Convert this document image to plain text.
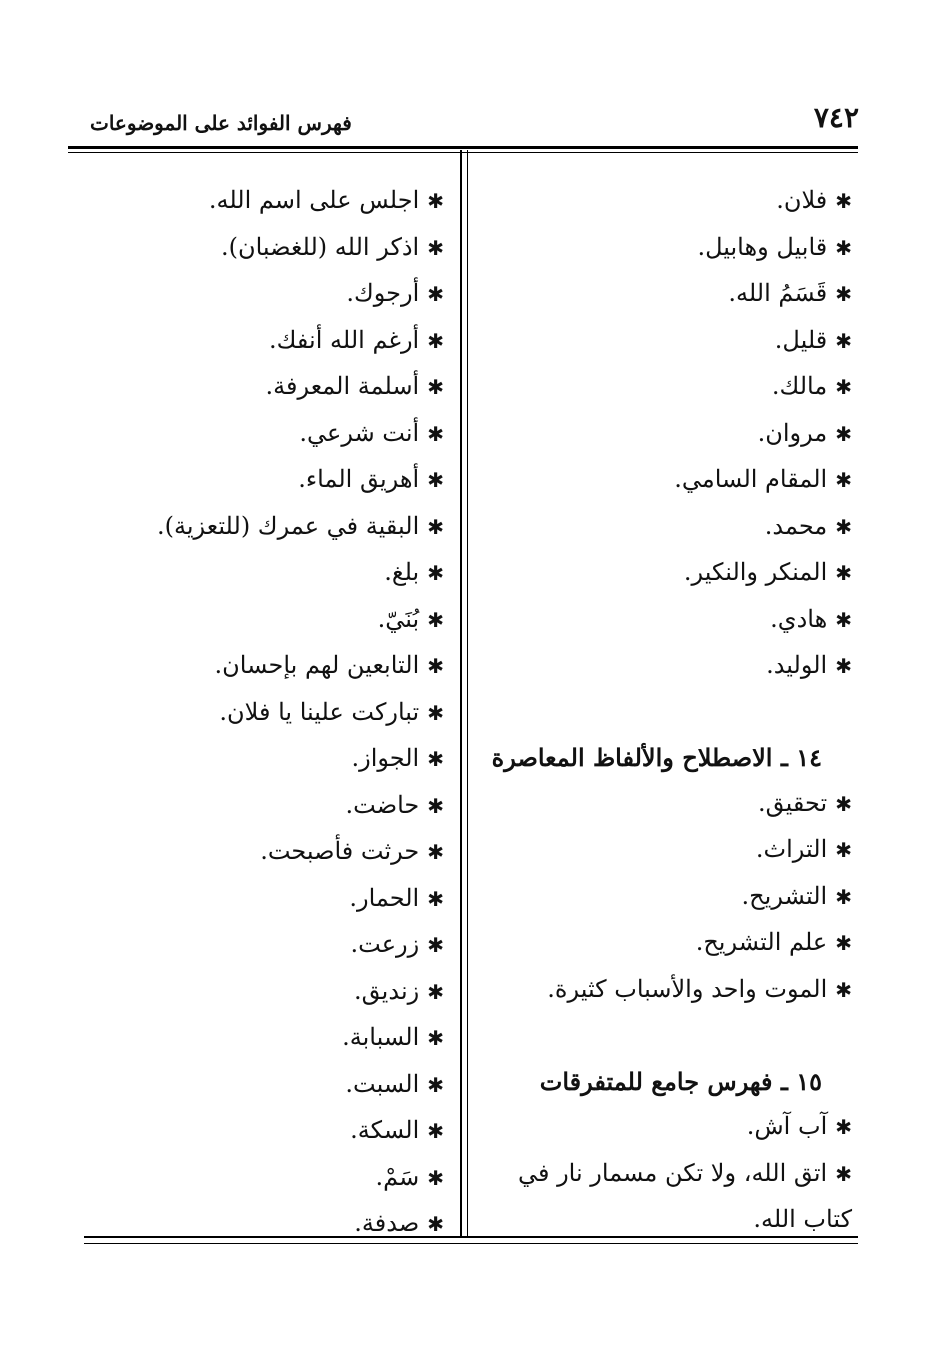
٧٤٢
فهرس الفوائد على الموضوعات
✱فلان.
✱قابيل وهابيل.
✱قَسَمُ الله.
✱قليل.
✱مالك.
✱مروان.
✱المقام السامي.
✱محمد.
✱المنكر والنكير.
✱هادي.
✱الوليد.
١٤ ـ الاصطلاح والألفاظ المعاصرة
✱تحقيق.
✱التراث.
✱التشريح.
✱علم التشريح.
✱الموت واحد والأسباب كثيرة.
١٥ ـ فهرس جامع للمتفرقات
✱آب آش.
✱اتق الله، ولا تكن مسمار نار في كتاب الله.
✱اجلس على اسم الله.
✱اذكر الله (للغضبان).
✱أرجوك.
✱أرغم الله أنفك.
✱أسلمة المعرفة.
✱أنت شرعي.
✱أهريق الماء.
✱البقية في عمرك (للتعزية).
✱بلغ.
✱بُنَيّ.
✱التابعين لهم بإحسان.
✱تباركت علينا يا فلان.
✱الجواز.
✱حاضت.
✱حرثت فأصبحت.
✱الحمار.
✱زرعت.
✱زنديق.
✱السبابة.
✱السبت.
✱السكة.
✱سَمْ.
✱صدفة.
